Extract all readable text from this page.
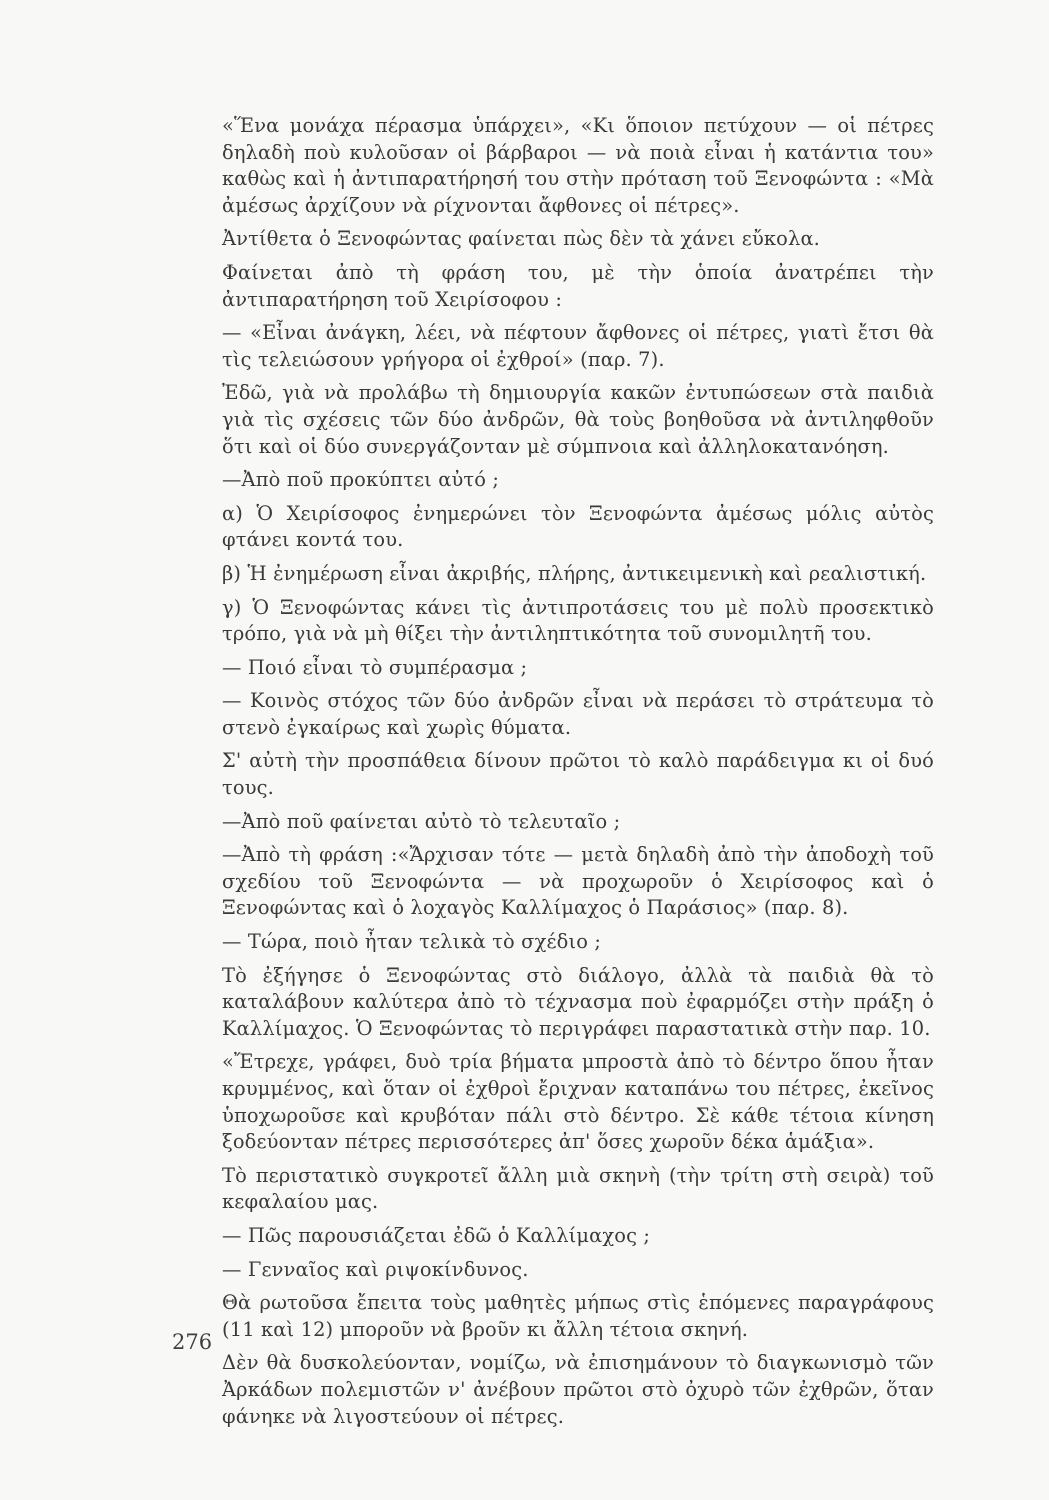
«Ἕνα μονάχα πέρασμα ὑπάρχει», «Κι ὅποιον πετύχουν — οἱ πέτρες δηλαδὴ ποὺ κυλοῦσαν οἱ βάρβαροι — νὰ ποιὰ εἶναι ἡ κατάντια του» καθὼς καὶ ἡ ἀντιπαρατήρησή του στὴν πρόταση τοῦ Ξενοφώντα : «Μὰ ἀμέσως ἀρχίζουν νὰ ρίχνονται ἄφθονες οἱ πέτρες».

Ἀντίθετα ὁ Ξενοφώντας φαίνεται πὼς δὲν τὰ χάνει εὔκολα.

Φαίνεται ἀπὸ τὴ φράση του, μὲ τὴν ὁποία ἀνατρέπει τὴν ἀντιπαρατήρηση τοῦ Χειρίσοφου :

— «Εἶναι ἀνάγκη, λέει, νὰ πέφτουν ἄφθονες οἱ πέτρες, γιατὶ ἔτσι θὰ τὶς τελειώσουν γρήγορα οἱ ἐχθροί» (παρ. 7).

Ἐδῶ, γιὰ νὰ προλάβω τὴ δημιουργία κακῶν ἐντυπώσεων στὰ παιδιὰ γιὰ τὶς σχέσεις τῶν δύο ἀνδρῶν, θὰ τοὺς βοηθοῦσα νὰ ἀντιληφθοῦν ὅτι καὶ οἱ δύο συνεργάζονταν μὲ σύμπνοια καὶ ἀλληλοκατανόηση.

—Ἀπὸ ποῦ προκύπτει αὐτό ;

α) Ὁ Χειρίσοφος ἐνημερώνει τὸν Ξενοφώντα ἀμέσως μόλις αὐτὸς φτάνει κοντά του.

β) Ἡ ἐνημέρωση εἶναι ἀκριβής, πλήρης, ἀντικειμενικὴ καὶ ρεαλιστική.

γ) Ὁ Ξενοφώντας κάνει τὶς ἀντιπροτάσεις του μὲ πολὺ προσεκτικὸ τρόπο, γιὰ νὰ μὴ θίξει τὴν ἀντιληπτικότητα τοῦ συνομιλητῆ του.

— Ποιό εἶναι τὸ συμπέρασμα ;

— Κοινὸς στόχος τῶν δύο ἀνδρῶν εἶναι νὰ περάσει τὸ στράτευμα τὸ στενὸ ἐγκαίρως καὶ χωρὶς θύματα.

Σ' αὐτὴ τὴν προσπάθεια δίνουν πρῶτοι τὸ καλὸ παράδειγμα κι οἱ δυό τους.

—Ἀπὸ ποῦ φαίνεται αὐτὸ τὸ τελευταῖο ;

—Ἀπὸ τὴ φράση :«Ἄρχισαν τότε — μετὰ δηλαδὴ ἀπὸ τὴν ἀποδοχὴ τοῦ σχεδίου τοῦ Ξενοφώντα — νὰ προχωροῦν ὁ Χειρίσοφος καὶ ὁ Ξενοφώντας καὶ ὁ λοχαγὸς Καλλίμαχος ὁ Παράσιος» (παρ. 8).

— Τώρα, ποιὸ ἦταν τελικὰ τὸ σχέδιο ;

Τὸ ἐξήγησε ὁ Ξενοφώντας στὸ διάλογο, ἀλλὰ τὰ παιδιὰ θὰ τὸ καταλάβουν καλύτερα ἀπὸ τὸ τέχνασμα ποὺ ἐφαρμόζει στὴν πράξη ὁ Καλλίμαχος. Ὁ Ξενοφώντας τὸ περιγράφει παραστατικὰ στὴν παρ. 10.

«Ἔτρεχε, γράφει, δυὸ τρία βήματα μπροστὰ ἀπὸ τὸ δέντρο ὅπου ἦταν κρυμμένος, καὶ ὅταν οἱ ἐχθροὶ ἔριχναν καταπάνω του πέτρες, ἐκεῖνος ὑποχωροῦσε καὶ κρυβόταν πάλι στὸ δέντρο. Σὲ κάθε τέτοια κίνηση ξοδεύονταν πέτρες περισσότερες ἀπ' ὅσες χωροῦν δέκα ἁμάξια».

Τὸ περιστατικὸ συγκροτεῖ ἄλλη μιὰ σκηνὴ (τὴν τρίτη στὴ σειρὰ) τοῦ κεφαλαίου μας.

— Πῶς παρουσιάζεται ἐδῶ ὁ Καλλίμαχος ;

— Γενναῖος καὶ ριψοκίνδυνος.

Θὰ ρωτοῦσα ἔπειτα τοὺς μαθητὲς μήπως στὶς ἑπόμενες παραγράφους (11 καὶ 12) μποροῦν νὰ βροῦν κι ἄλλη τέτοια σκηνή.

Δὲν θὰ δυσκολεύονταν, νομίζω, νὰ ἐπισημάνουν τὸ διαγκωνισμὸ τῶν Ἀρκάδων πολεμιστῶν ν' ἀνέβουν πρῶτοι στὸ ὀχυρὸ τῶν ἐχθρῶν, ὅταν φάνηκε νὰ λιγοστεύουν οἱ πέτρες.

276
